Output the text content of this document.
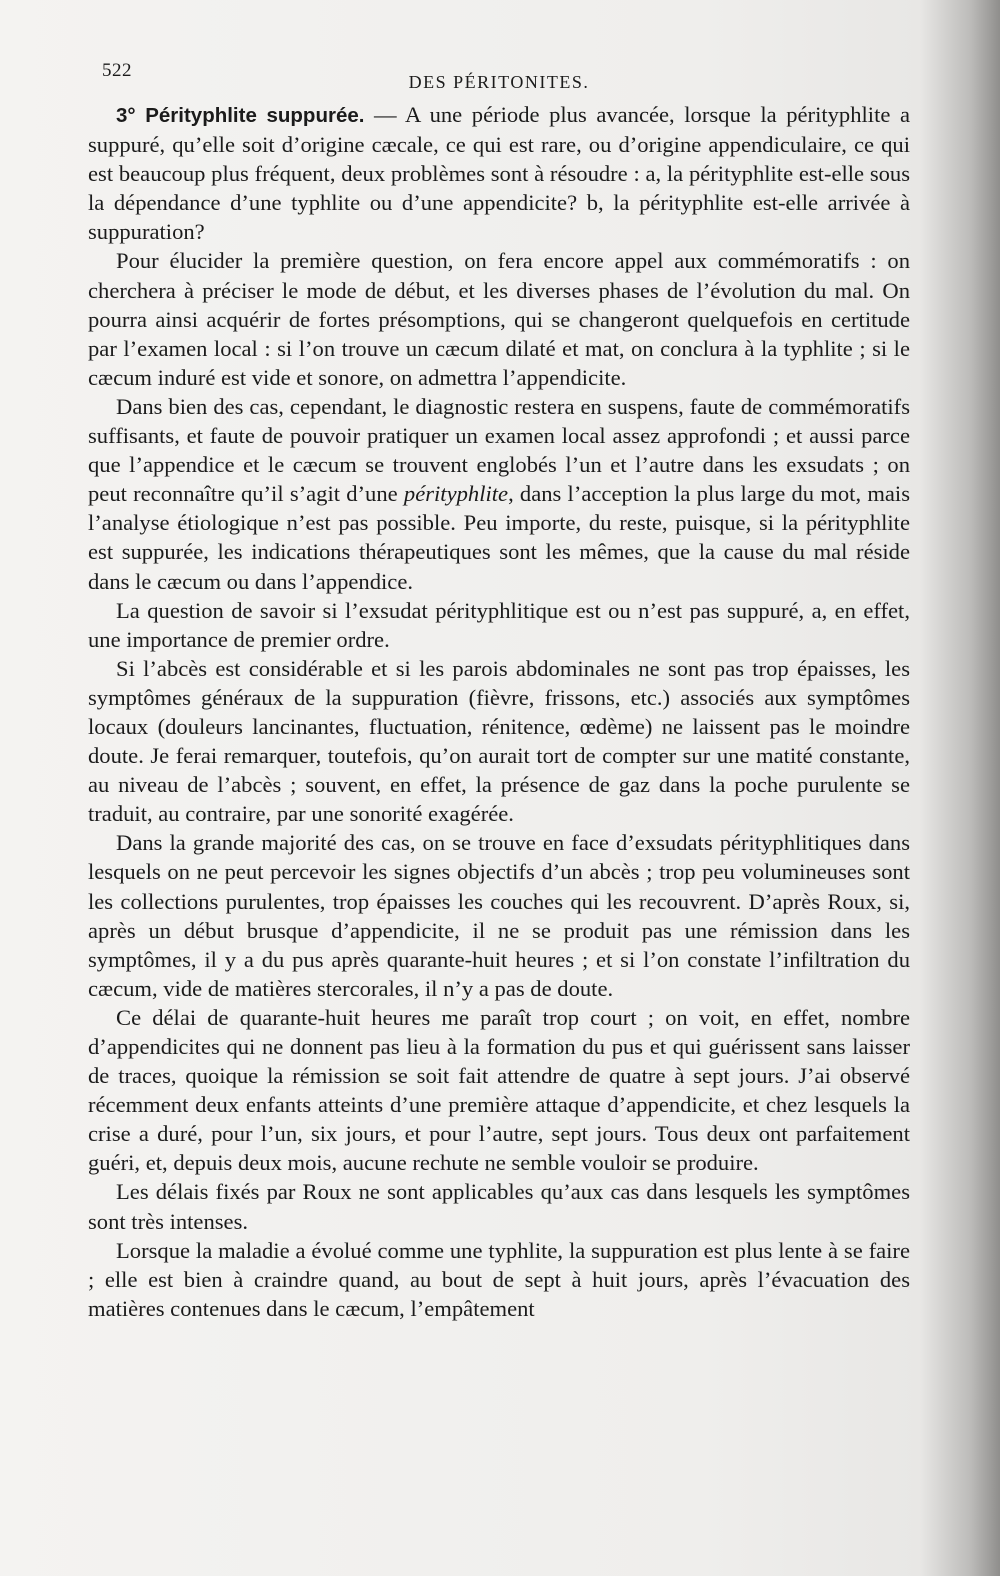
522
DES PÉRITONITES.

3° Pérityphlite suppurée. — A une période plus avancée, lorsque la pérityphlite a suppuré, qu’elle soit d’origine cæcale, ce qui est rare, ou d’origine appendiculaire, ce qui est beaucoup plus fréquent, deux problèmes sont à résoudre : a, la pérityphlite est-elle sous la dépendance d’une typhlite ou d’une appendicite? b, la pérityphlite est-elle arrivée à suppuration?

Pour élucider la première question, on fera encore appel aux commémoratifs : on cherchera à préciser le mode de début, et les diverses phases de l’évolution du mal. On pourra ainsi acquérir de fortes présomptions, qui se changeront quelquefois en certitude par l’examen local : si l’on trouve un cæcum dilaté et mat, on conclura à la typhlite ; si le cæcum induré est vide et sonore, on admettra l’appendicite.

Dans bien des cas, cependant, le diagnostic restera en suspens, faute de commémoratifs suffisants, et faute de pouvoir pratiquer un examen local assez approfondi ; et aussi parce que l’appendice et le cæcum se trouvent englobés l’un et l’autre dans les exsudats ; on peut reconnaître qu’il s’agit d’une pérityphlite, dans l’acception la plus large du mot, mais l’analyse étiologique n’est pas possible. Peu importe, du reste, puisque, si la pérityphlite est suppurée, les indications thérapeutiques sont les mêmes, que la cause du mal réside dans le cæcum ou dans l’appendice.

La question de savoir si l’exsudat pérityphlitique est ou n’est pas suppuré, a, en effet, une importance de premier ordre.

Si l’abcès est considérable et si les parois abdominales ne sont pas trop épaisses, les symptômes généraux de la suppuration (fièvre, frissons, etc.) associés aux symptômes locaux (douleurs lancinantes, fluctuation, rénitence, œdème) ne laissent pas le moindre doute. Je ferai remarquer, toutefois, qu’on aurait tort de compter sur une matité constante, au niveau de l’abcès ; souvent, en effet, la présence de gaz dans la poche purulente se traduit, au contraire, par une sonorité exagérée.

Dans la grande majorité des cas, on se trouve en face d’exsudats pérityphlitiques dans lesquels on ne peut percevoir les signes objectifs d’un abcès ; trop peu volumineuses sont les collections purulentes, trop épaisses les couches qui les recouvrent. D’après Roux, si, après un début brusque d’appendicite, il ne se produit pas une rémission dans les symptômes, il y a du pus après quarante-huit heures ; et si l’on constate l’infiltration du cæcum, vide de matières stercorales, il n’y a pas de doute.

Ce délai de quarante-huit heures me paraît trop court ; on voit, en effet, nombre d’appendicites qui ne donnent pas lieu à la formation du pus et qui guérissent sans laisser de traces, quoique la rémission se soit fait attendre de quatre à sept jours. J’ai observé récemment deux enfants atteints d’une première attaque d’appendicite, et chez lesquels la crise a duré, pour l’un, six jours, et pour l’autre, sept jours. Tous deux ont parfaitement guéri, et, depuis deux mois, aucune rechute ne semble vouloir se produire.

Les délais fixés par Roux ne sont applicables qu’aux cas dans lesquels les symptômes sont très intenses.

Lorsque la maladie a évolué comme une typhlite, la suppuration est plus lente à se faire ; elle est bien à craindre quand, au bout de sept à huit jours, après l’évacuation des matières contenues dans le cæcum, l’empâtement
